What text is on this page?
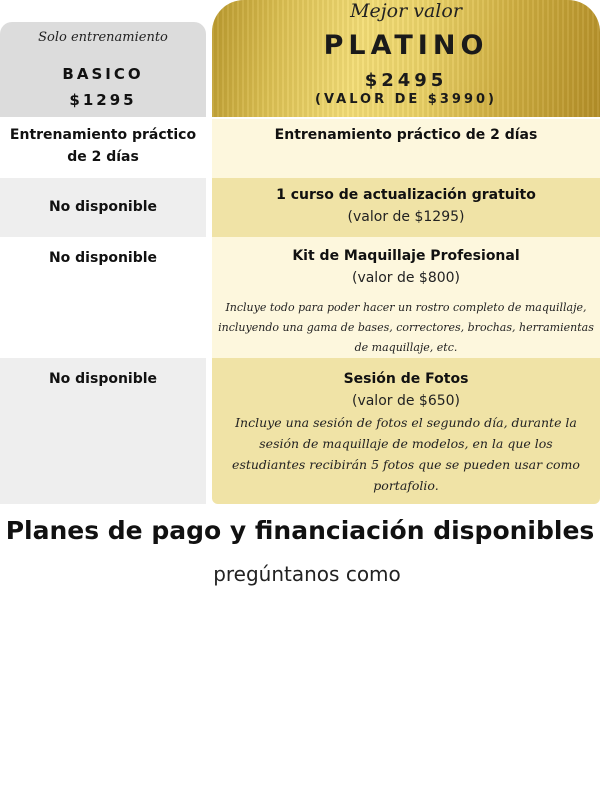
Solo entrenamiento
BASICO
$1295
Mejor valor
PLATINO
$2495
(VALOR DE $3990)
Entrenamiento práctico
de 2 días
Entrenamiento práctico de 2 días
No disponible
1 curso de actualización gratuito
(valor de $1295)
No disponible	Kit de Maquillaje Profesional
(valor de $800)
Incluye todo para poder hacer un rostro completo de maquillaje,
incluyendo una gama de bases, correctores, brochas, herramientas
de maquillaje, etc.
No disponible	Sesión de Fotos
(valor de $650)
Incluye una sesión de fotos el segundo día, durante la
sesión de maquillaje de modelos, en la que los
estudiantes recibirán 5 fotos que se pueden usar como
portafolio.
Planes de pago y financiación disponibles
pregúntanos como
